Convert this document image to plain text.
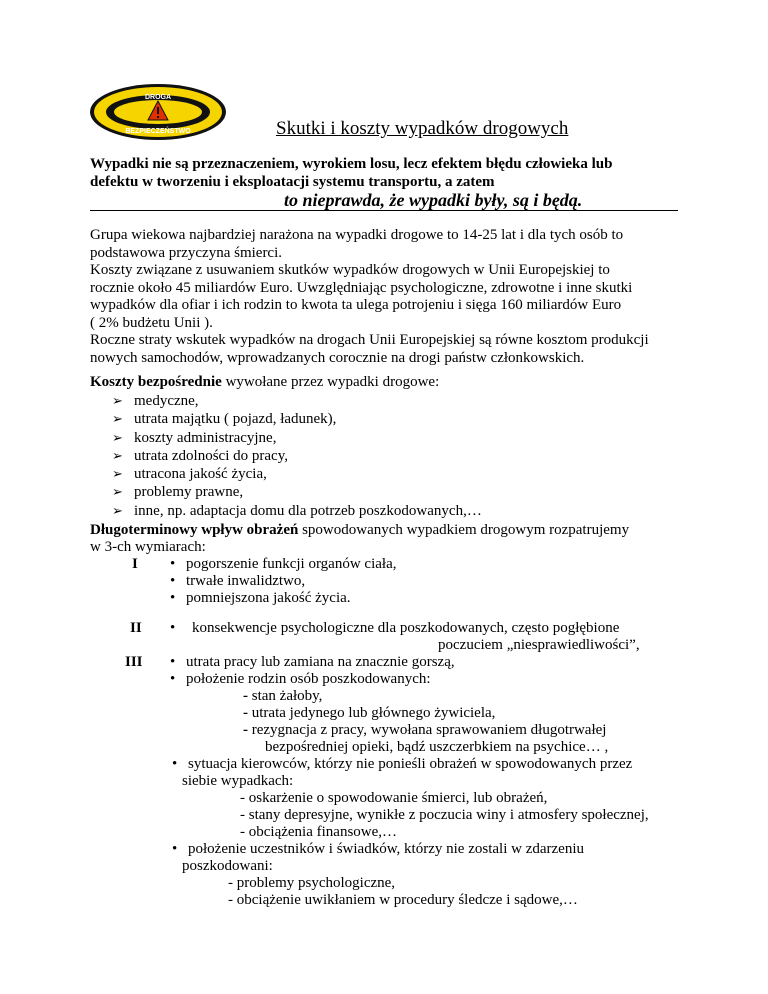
DROGA
BEZPIECZEŃSTWO	Skutki i koszty wypadków drogowych
Wypadki nie są przeznaczeniem, wyrokiem losu, lecz efektem błędu człowieka lub
defektu w tworzeniu i eksploatacji systemu transportu, a zatem
to nieprawda, że wypadki były, są i będą.
Grupa wiekowa najbardziej narażona na wypadki drogowe to 14-25 lat i dla tych osób to
podstawowa przyczyna śmierci.
Koszty związane z usuwaniem skutków wypadków drogowych w Unii Europejskiej to
rocznie około 45 miliardów Euro. Uwzględniając psychologiczne, zdrowotne i inne skutki
wypadków dla ofiar i ich rodzin to kwota ta ulega potrojeniu i sięga 160 miliardów Euro
( 2% budżetu Unii ).
Roczne straty wskutek wypadków na drogach Unii Europejskiej są równe kosztom produkcji
nowych samochodów, wprowadzanych corocznie na drogi państw członkowskich.
Koszty bezpośrednie wywołane przez wypadki drogowe:
➢ medyczne,
➢ utrata majątku ( pojazd, ładunek),
➢ koszty administracyjne,
➢ utrata zdolności do pracy,
➢ utracona jakość życia,
➢ problemy prawne,
➢ inne, np. adaptacja domu dla potrzeb poszkodowanych,…
Długoterminowy wpływ obrażeń spowodowanych wypadkiem drogowym rozpatrujemy
w 3-ch wymiarach:
I • pogorszenie funkcji organów ciała,
• trwałe inwalidztwo,
• pomniejszona jakość życia.
II • konsekwencje psychologiczne dla poszkodowanych, często pogłębione
poczuciem „niesprawiedliwości”,
III • utrata pracy lub zamiana na znacznie gorszą,
• położenie rodzin osób poszkodowanych:
- stan żałoby,
- utrata jedynego lub głównego żywiciela,
- rezygnacja z pracy, wywołana sprawowaniem długotrwałej
bezpośredniej opieki, bądź uszczerbkiem na psychice… ,
• sytuacja kierowców, którzy nie ponieśli obrażeń w spowodowanych przez
siebie wypadkach:
- oskarżenie o spowodowanie śmierci, lub obrażeń,
- stany depresyjne, wynikłe z poczucia winy i atmosfery społecznej,
- obciążenia finansowe,…
• położenie uczestników i świadków, którzy nie zostali w zdarzeniu
poszkodowani:
- problemy psychologiczne,
- obciążenie uwikłaniem w procedury śledcze i sądowe,…
